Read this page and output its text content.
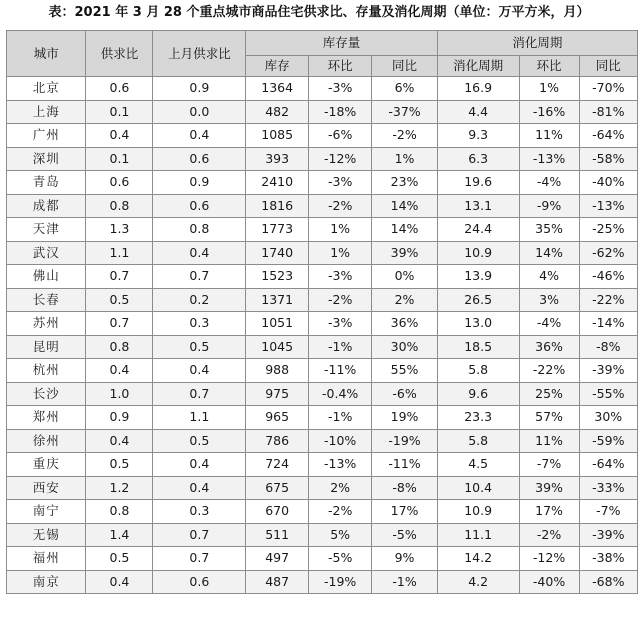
表：2021 年 3 月 28 个重点城市商品住宅供求比、存量及消化周期（单位：万平方米，月）
城市	供求比	上月供求比	库存量			消化周期		
			库存	环比	同比	消化周期	环比	同比
北京	0.6	0.9	1364	-3%	6%	16.9	1%	-70%
上海	0.1	0.0	482	-18%	-37%	4.4	-16%	-81%
广州	0.4	0.4	1085	-6%	-2%	9.3	11%	-64%
深圳	0.1	0.6	393	-12%	1%	6.3	-13%	-58%
青岛	0.6	0.9	2410	-3%	23%	19.6	-4%	-40%
成都	0.8	0.6	1816	-2%	14%	13.1	-9%	-13%
天津	1.3	0.8	1773	1%	14%	24.4	35%	-25%
武汉	1.1	0.4	1740	1%	39%	10.9	14%	-62%
佛山	0.7	0.7	1523	-3%	0%	13.9	4%	-46%
长春	0.5	0.2	1371	-2%	2%	26.5	3%	-22%
苏州	0.7	0.3	1051	-3%	36%	13.0	-4%	-14%
昆明	0.8	0.5	1045	-1%	30%	18.5	36%	-8%
杭州	0.4	0.4	988	-11%	55%	5.8	-22%	-39%
长沙	1.0	0.7	975	-0.4%	-6%	9.6	25%	-55%
郑州	0.9	1.1	965	-1%	19%	23.3	57%	30%
徐州	0.4	0.5	786	-10%	-19%	5.8	11%	-59%
重庆	0.5	0.4	724	-13%	-11%	4.5	-7%	-64%
西安	1.2	0.4	675	2%	-8%	10.4	39%	-33%
南宁	0.8	0.3	670	-2%	17%	10.9	17%	-7%
无锡	1.4	0.7	511	5%	-5%	11.1	-2%	-39%
福州	0.5	0.7	497	-5%	9%	14.2	-12%	-38%
南京	0.4	0.6	487	-19%	-1%	4.2	-40%	-68%
